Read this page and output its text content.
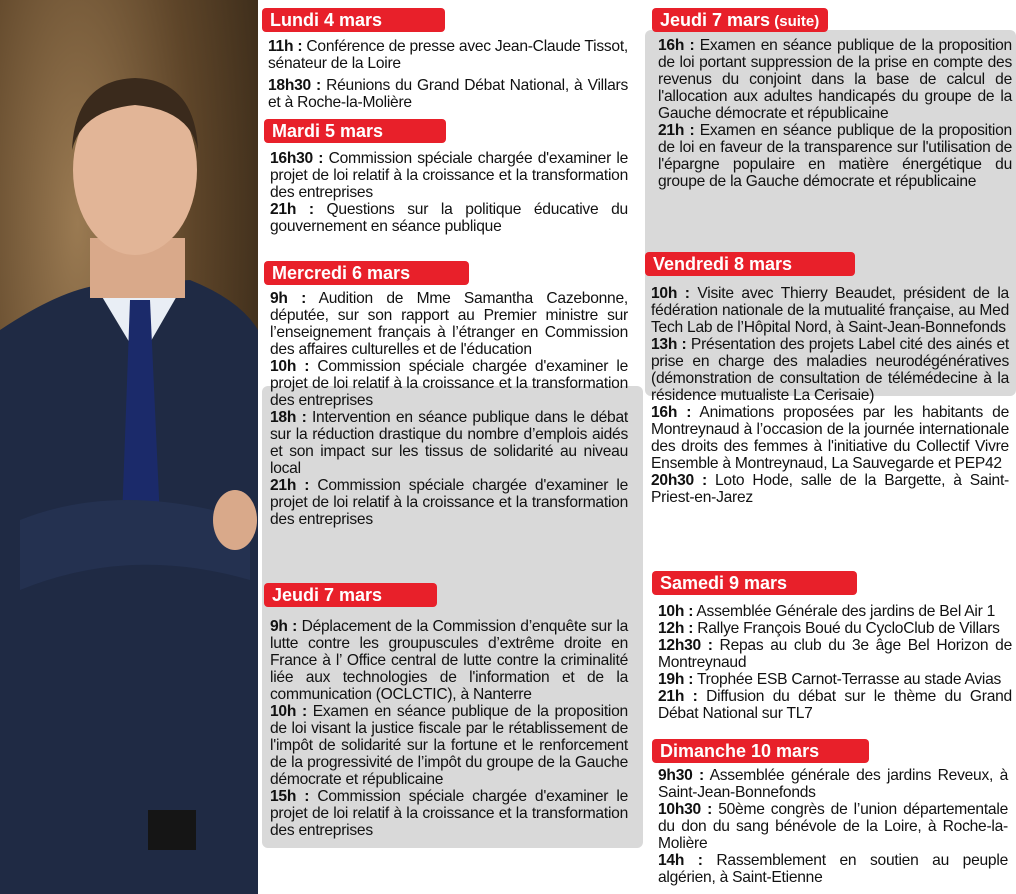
Lundi 4 mars

11h : Conférence de presse avec Jean-Claude Tissot, sénateur de la Loire

18h30 : Réunions du Grand Débat National, à Villars et à Roche-la-Molière

Mardi 5 mars

16h30 : Commission spéciale chargée d'examiner le projet de loi relatif à la croissance et la transformation des entreprises

21h : Questions sur la politique éducative du gouvernement en séance publique

Mercredi 6 mars

9h : Audition de Mme Samantha Cazebonne, députée, sur son rapport au Premier ministre sur l’enseignement français à l’étranger en Commission des affaires culturelles et de l'éducation

10h : Commission spéciale chargée d'examiner le projet de loi relatif à la croissance et la transformation des entreprises

18h : Intervention en séance publique dans le débat sur la réduction drastique du nombre d’emplois aidés et son impact sur les tissus de solidarité au niveau local

21h : Commission spéciale chargée d'examiner le projet de loi relatif à la croissance et la transformation des entreprises

Jeudi 7 mars

9h : Déplacement de la Commission d’enquête sur la lutte contre les groupuscules d’extrême droite en France à l’ Office central de lutte contre la criminalité liée aux technologies de l'information et de la communication (OCLCTIC), à Nanterre

10h : Examen en séance publique de la proposition de loi visant la justice fiscale par le rétablissement de l'impôt de solidarité sur la fortune et le renforcement de la progressivité de l’impôt du groupe de la Gauche démocrate et républicaine

15h : Commission spéciale chargée d'examiner le projet de loi relatif à la croissance et la transformation des entreprises

Jeudi 7 mars (suite)

16h : Examen en séance publique de la proposition de loi portant suppression de la prise en compte des revenus du conjoint dans la base de calcul de l'allocation aux adultes handicapés du groupe de la Gauche démocrate et républicaine

21h : Examen en séance publique de la proposition de loi en faveur de la transparence sur l'utilisation de l'épargne populaire en matière énergétique du groupe de la Gauche démocrate et républicaine

Vendredi 8 mars

10h : Visite avec Thierry Beaudet, président de la fédération nationale de la mutualité française, au Med Tech Lab de l’Hôpital Nord, à Saint-Jean-Bonnefonds

13h : Présentation des projets Label cité des ainés et prise en charge des maladies neurodégénératives (démonstration de consultation de télémédecine à la résidence mutualiste La Cerisaie)

16h : Animations proposées par les habitants de Montreynaud à l’occasion de la journée internationale des droits des femmes à l'initiative du Collectif Vivre Ensemble à Montreynaud, La Sauvegarde et PEP42

20h30 : Loto Hode, salle de la Bargette, à Saint-Priest-en-Jarez

Samedi 9 mars

10h : Assemblée Générale des jardins de Bel Air 1

12h : Rallye François Boué du CycloClub de Villars

12h30 : Repas au club du 3e âge Bel Horizon de Montreynaud

19h : Trophée ESB Carnot-Terrasse au stade Avias

21h : Diffusion du débat sur le thème du Grand Débat National sur TL7

Dimanche 10 mars

9h30 : Assemblée générale des jardins Reveux, à Saint-Jean-Bonnefonds

10h30 : 50ème congrès de l’union départementale du don du sang bénévole de la Loire, à Roche-la-Molière

14h : Rassemblement en soutien au peuple algérien, à Saint-Etienne
